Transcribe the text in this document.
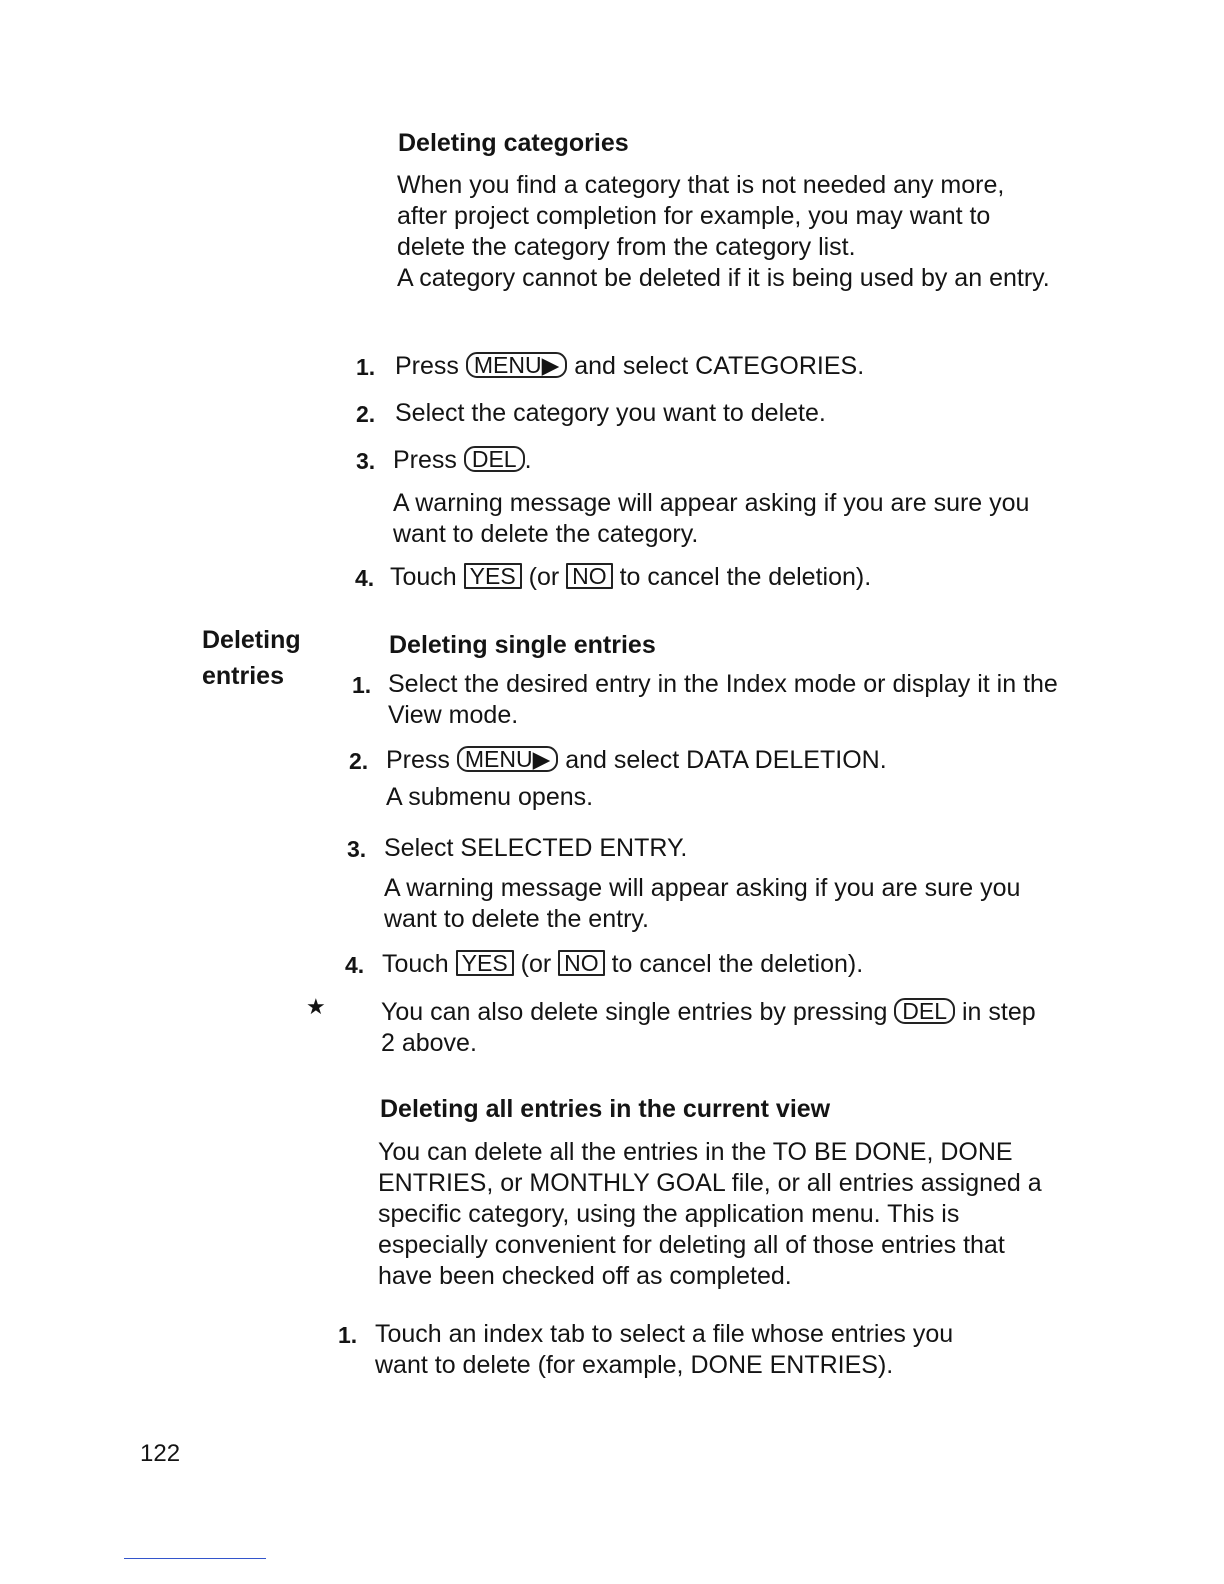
Deleting categories

When you find a category that is not needed any more, after project completion for example, you may want to delete the category from the category list.

A category cannot be deleted if it is being used by an entry.

1. Press MENU▶ and select CATEGORIES.
2. Select the category you want to delete.
3. Press DEL .

A warning message will appear asking if you are sure you want to delete the category.

4. Touch YES (or NO to cancel the deletion).
Deleting
entries
Deleting single entries
1. Select the desired entry in the Index mode or display it in the View mode.
2. Press MENU▶ and select DATA DELETION.

A submenu opens.

3. Select SELECTED ENTRY.

A warning message will appear asking if you are sure you want to delete the entry.

4. Touch YES (or NO to cancel the deletion).
★ You can also delete single entries by pressing DEL in step 2 above.
Deleting all entries in the current view
You can delete all the entries in the TO BE DONE, DONE ENTRIES, or MONTHLY GOAL file, or all entries assigned a specific category, using the application menu. This is especially convenient for deleting all of those entries that have been checked off as completed.
1. Touch an index tab to select a file whose entries you want to delete (for example, DONE ENTRIES).
122
